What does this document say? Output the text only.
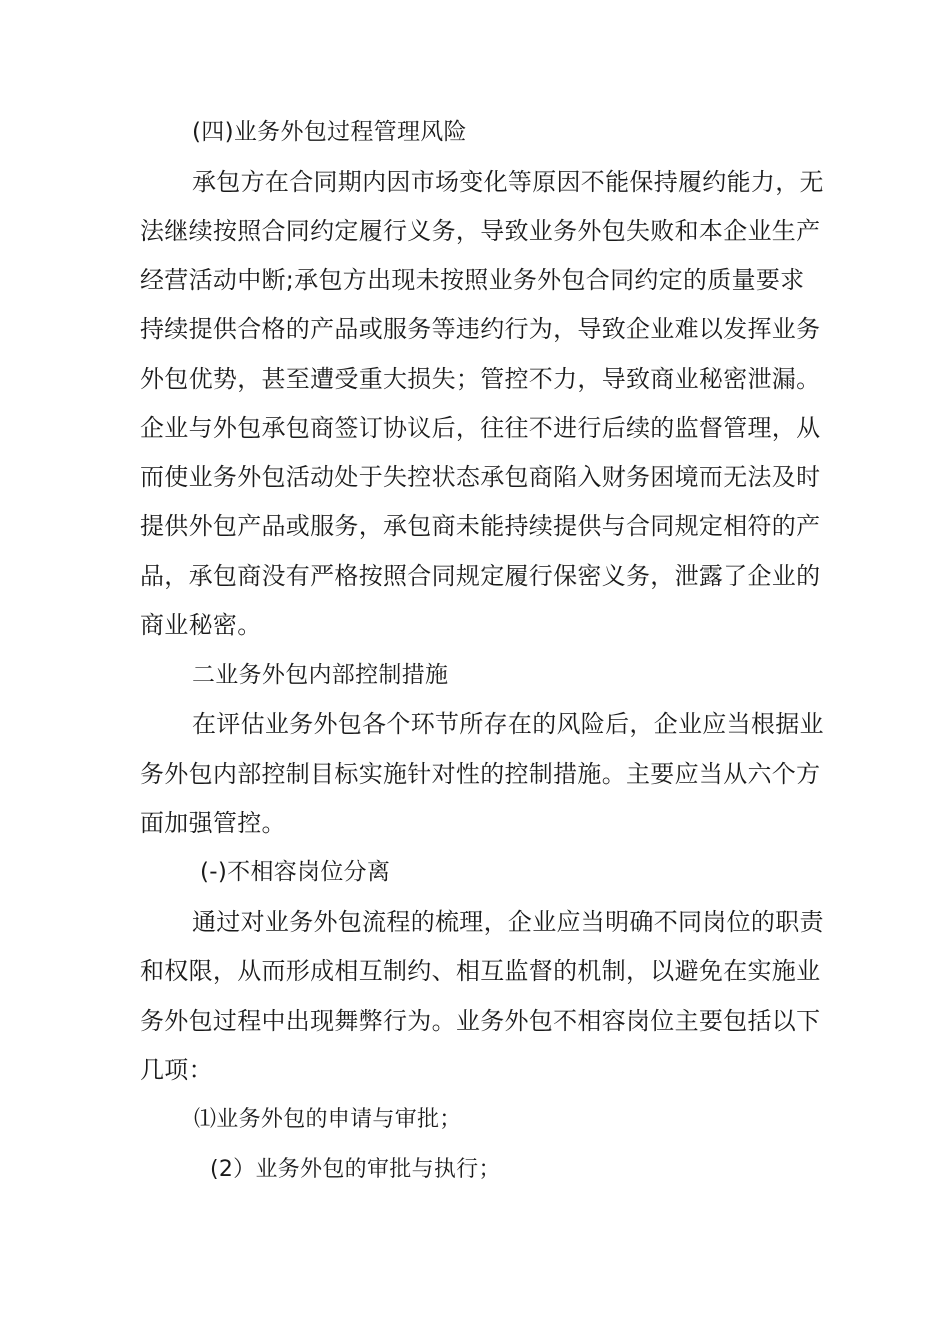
(四)业务外包过程管理风险
承包方在合同期内因市场变化等原因不能保持履约能力，无
法继续按照合同约定履行义务，导致业务外包失败和本企业生产
经营活动中断;承包方出现未按照业务外包合同约定的质量要求
持续提供合格的产品或服务等违约行为，导致企业难以发挥业务
外包优势，甚至遭受重大损失；管控不力，导致商业秘密泄漏。
企业与外包承包商签订协议后，往往不进行后续的监督管理，从
而使业务外包活动处于失控状态承包商陷入财务困境而无法及时
提供外包产品或服务，承包商未能持续提供与合同规定相符的产
品，承包商没有严格按照合同规定履行保密义务，泄露了企业的
商业秘密。
二业务外包内部控制措施
在评估业务外包各个环节所存在的风险后，企业应当根据业
务外包内部控制目标实施针对性的控制措施。主要应当从六个方
面加强管控。
(-)不相容岗位分离
通过对业务外包流程的梳理，企业应当明确不同岗位的职责
和权限，从而形成相互制约、相互监督的机制，以避免在实施业
务外包过程中出现舞弊行为。业务外包不相容岗位主要包括以下
几项：
⑴业务外包的申请与审批；
(2）业务外包的审批与执行；
